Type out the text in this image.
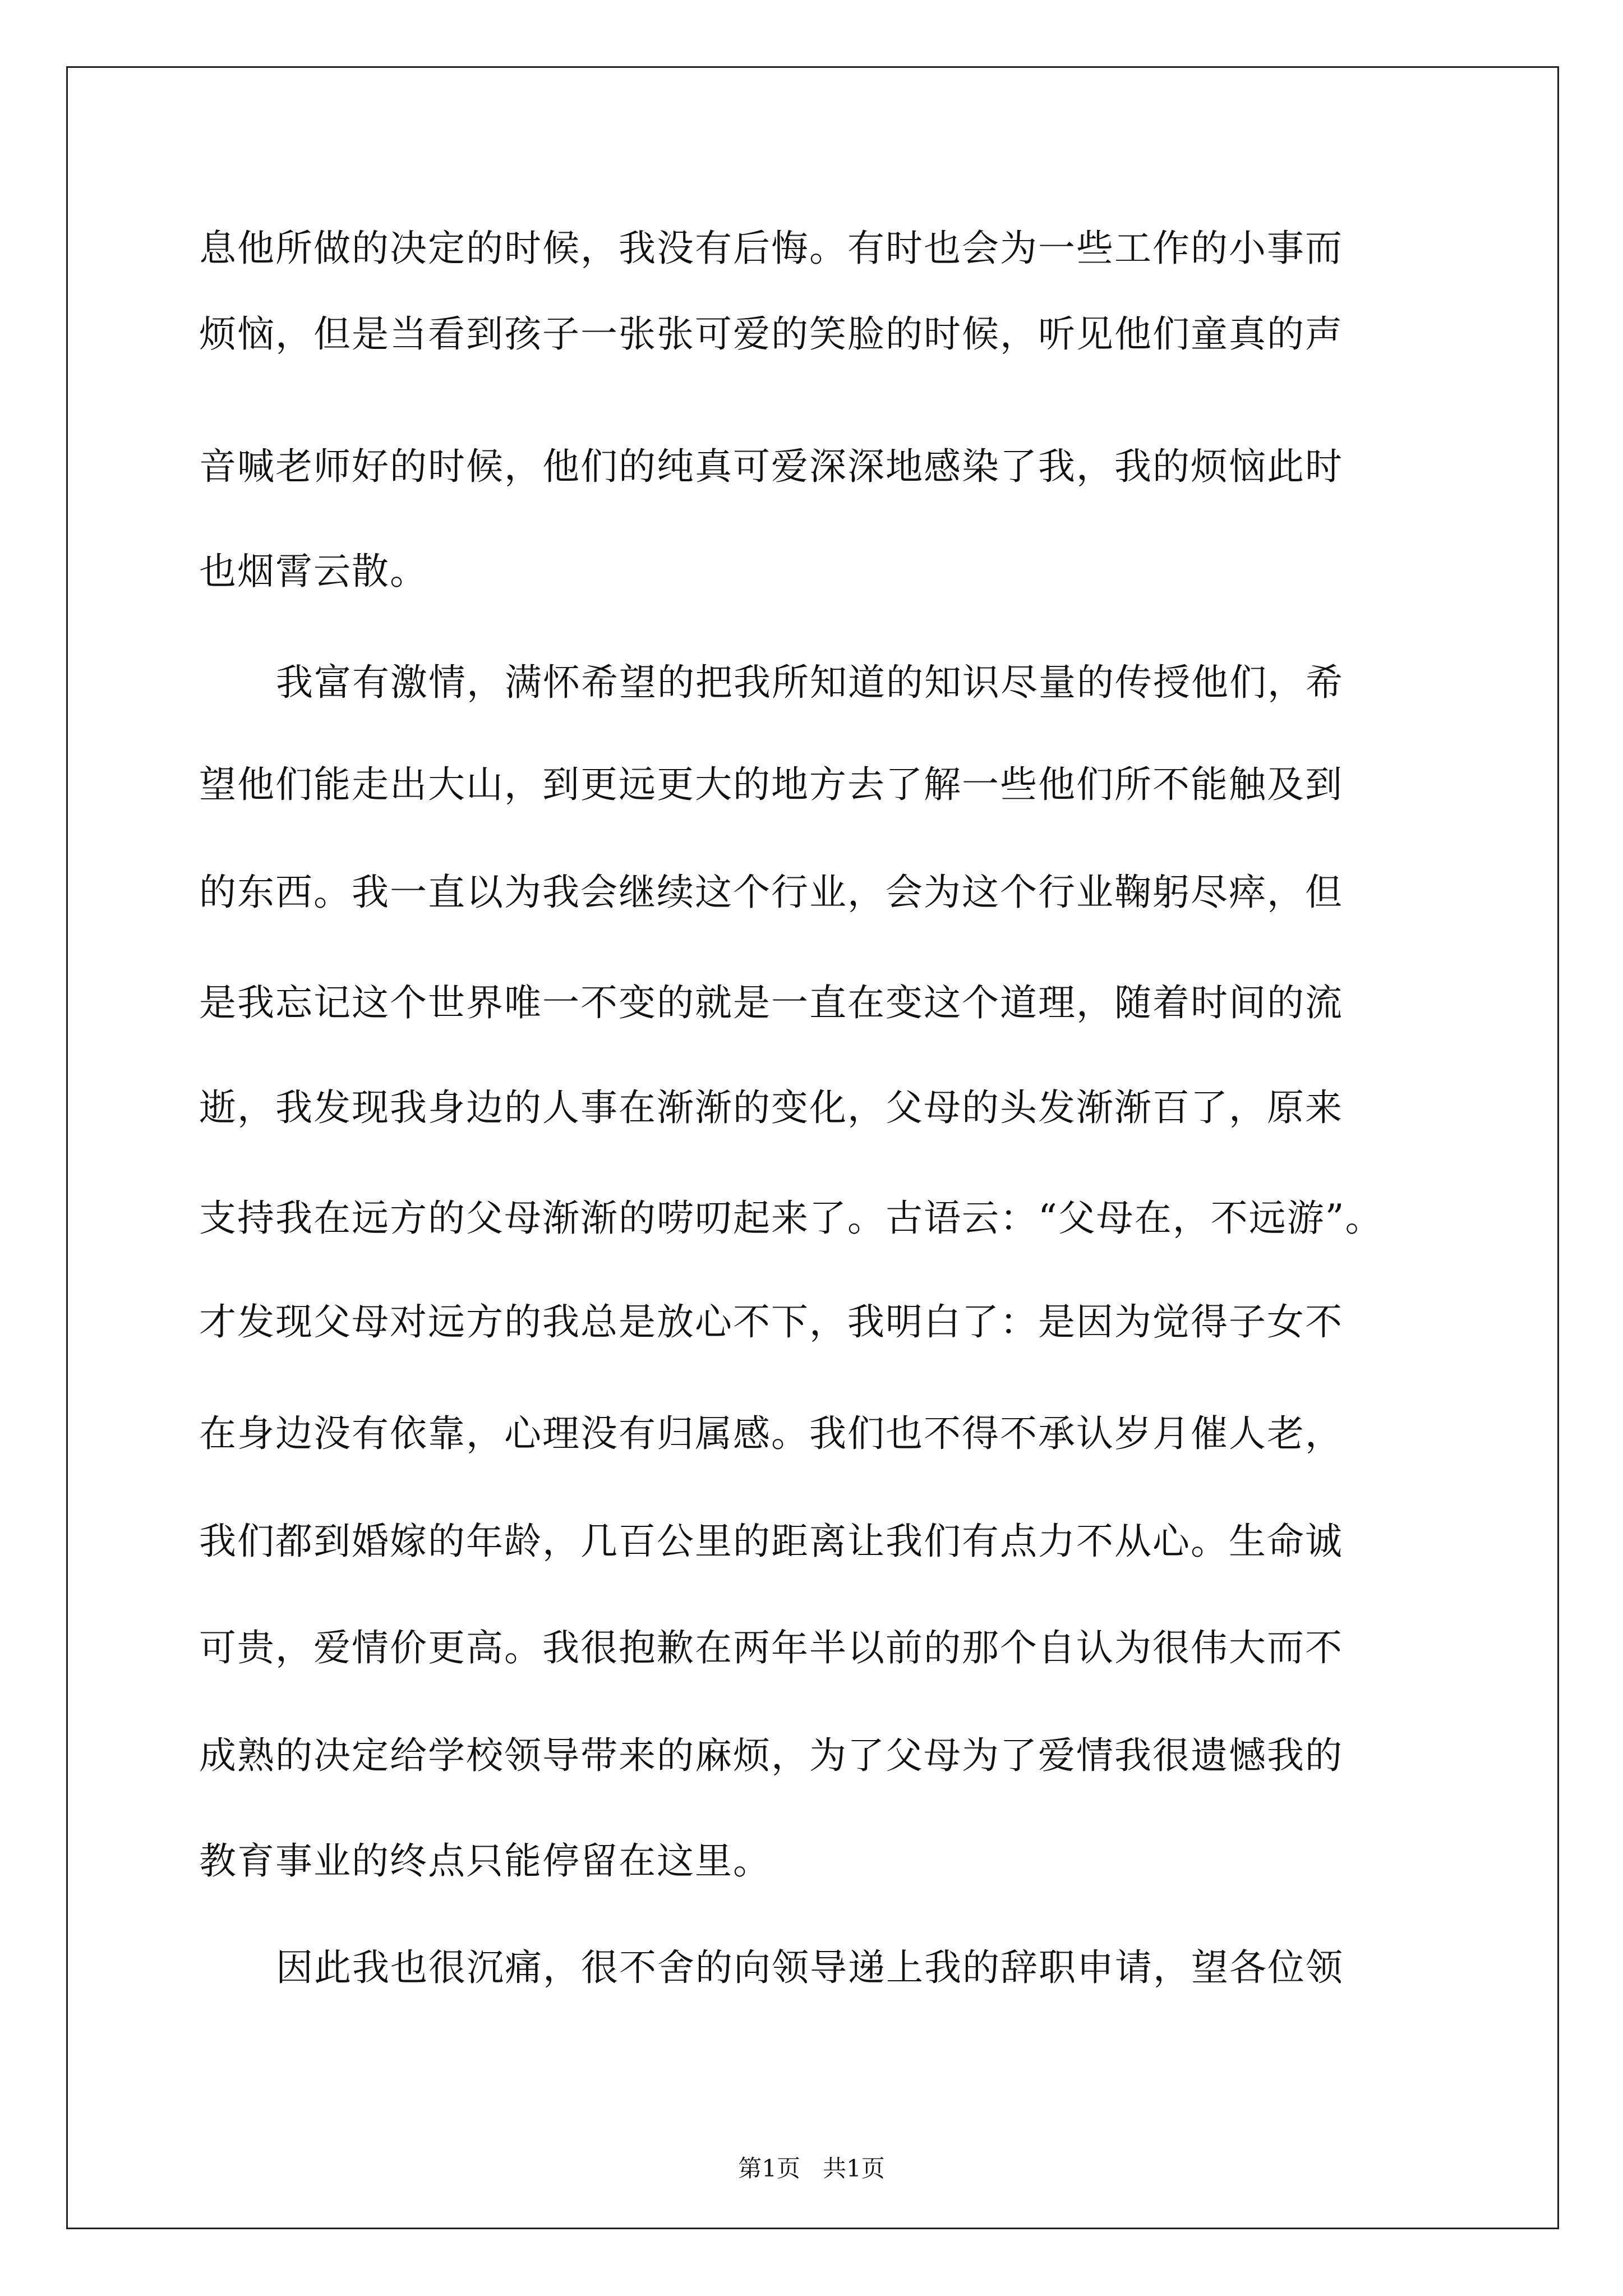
息他所做的决定的时候，我没有后悔。有时也会为一些工作的小事而

烦恼，但是当看到孩子一张张可爱的笑脸的时候，听见他们童真的声

音喊老师好的时候，他们的纯真可爱深深地感染了我，我的烦恼此时

也烟霄云散。

我富有激情，满怀希望的把我所知道的知识尽量的传授他们，希

望他们能走出大山，到更远更大的地方去了解一些他们所不能触及到

的东西。我一直以为我会继续这个行业，会为这个行业鞠躬尽瘁，但

是我忘记这个世界唯一不变的就是一直在变这个道理，随着时间的流

逝，我发现我身边的人事在渐渐的变化，父母的头发渐渐百了，原来

支持我在远方的父母渐渐的唠叨起来了。古语云：“父母在，不远游”。

才发现父母对远方的我总是放心不下，我明白了：是因为觉得子女不

在身边没有依靠，心理没有归属感。我们也不得不承认岁月催人老，

我们都到婚嫁的年龄，几百公里的距离让我们有点力不从心。生命诚

可贵，爱情价更高。我很抱歉在两年半以前的那个自认为很伟大而不

成熟的决定给学校领导带来的麻烦，为了父母为了爱情我很遗憾我的

教育事业的终点只能停留在这里。

因此我也很沉痛，很不舍的向领导递上我的辞职申请，望各位领

第1页   共1页
